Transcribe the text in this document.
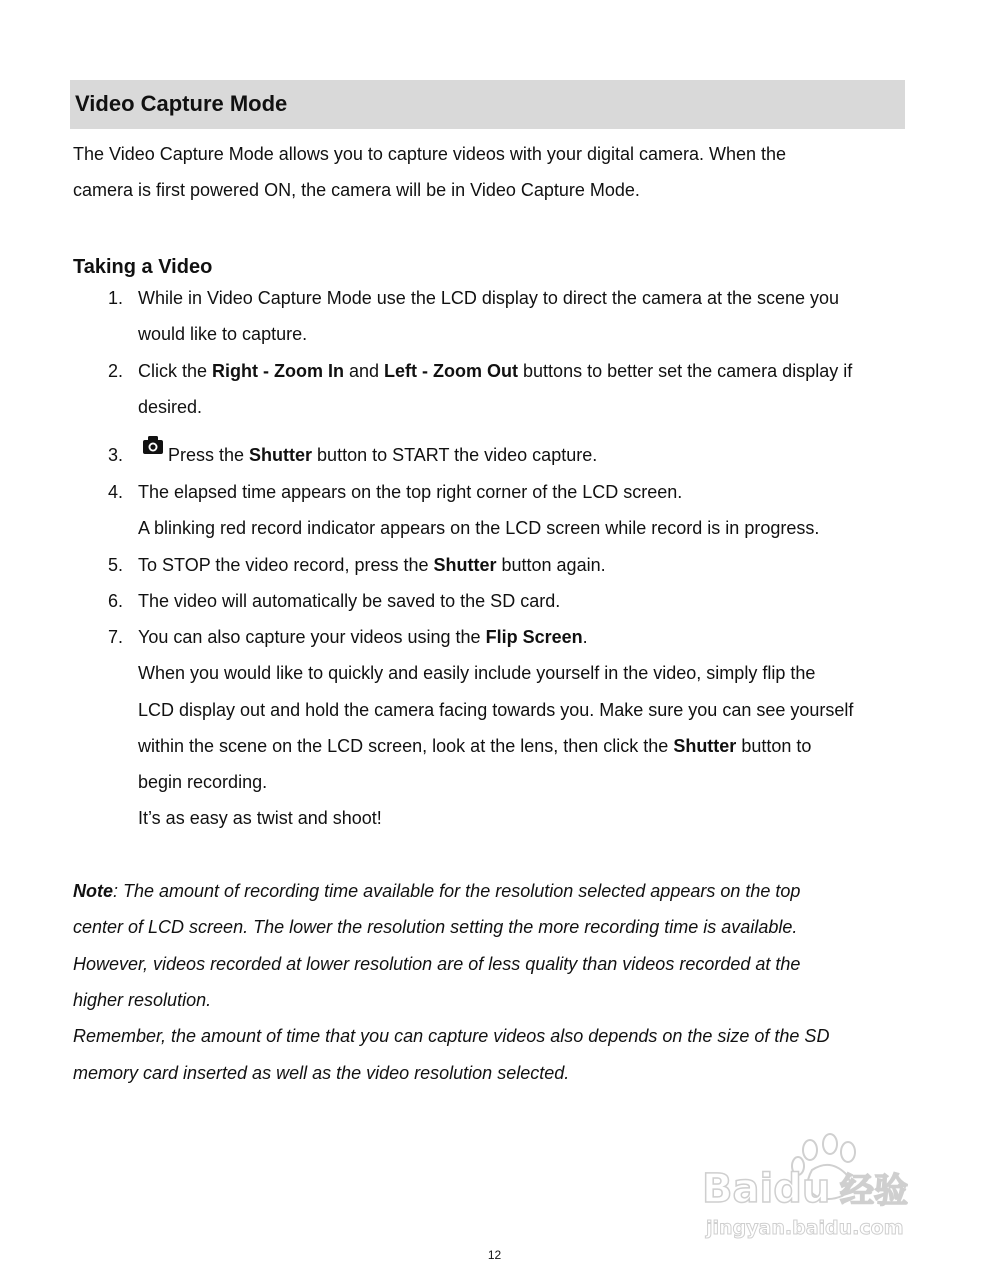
Video Capture Mode

The Video Capture Mode allows you to capture videos with your digital camera. When the
camera is first powered ON, the camera will be in Video Capture Mode.

Taking a Video
1. While in Video Capture Mode use the LCD display to direct the camera at the scene you
would like to capture.
2. Click the Right - Zoom In and Left - Zoom Out buttons to better set the camera display if
desired.
3.	Press the Shutter button to START the video capture.
4. The elapsed time appears on the top right corner of the LCD screen.
A blinking red record indicator appears on the LCD screen while record is in progress.
5. To STOP the video record, press the Shutter button again.
6. The video will automatically be saved to the SD card.
7. You can also capture your videos using the Flip Screen.
When you would like to quickly and easily include yourself in the video, simply flip the
LCD display out and hold the camera facing towards you. Make sure you can see yourself
within the scene on the LCD screen, look at the lens, then click the Shutter button to
begin recording.
It’s as easy as twist and shoot!
Note: The amount of recording time available for the resolution selected appears on the top
center of LCD screen. The lower the resolution setting the more recording time is available.
However, videos recorded at lower resolution are of less quality than videos recorded at the
higher resolution.
Remember, the amount of time that you can capture videos also depends on the size of the SD
memory card inserted as well as the video resolution selected.
Baidu 经验
jingyan.baidu.com
12
